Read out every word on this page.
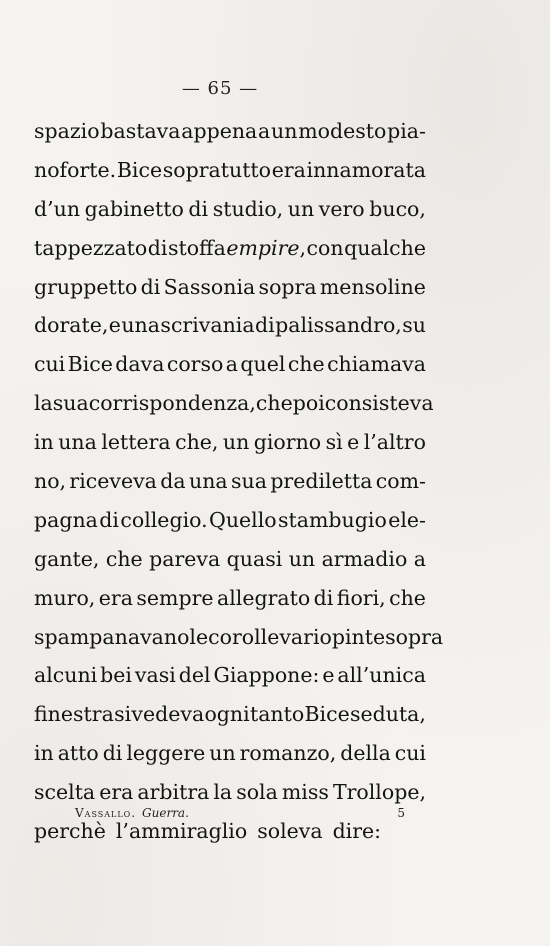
— 65 —
spazio bastava appena a un modesto pia-
noforte. Bice sopratutto era innamorata
d’un gabinetto di studio, un vero buco,
tappezzato di stoffa empire, con qualche
gruppetto di Sassonia sopra mensoline
dorate, e una scrivania di palissandro, su
cui Bice dava corso a quel che chiamava
la sua corrispondenza, che poi consisteva
in una lettera che, un giorno sì e l’altro
no, riceveva da una sua prediletta com-
pagna di collegio. Quello stambugio ele-
gante, che pareva quasi un armadio a
muro, era sempre allegrato di fiori, che
spampanavano le corolle variopinte sopra
alcuni bei vasi del Giappone: e all’unica
finestra si vedeva ogni tanto Bice seduta,
in atto di leggere un romanzo, della cui
scelta era arbitra la sola miss Trollope,
perchè l’ammiraglio soleva dire:
Vassallo. Guerra.	5
